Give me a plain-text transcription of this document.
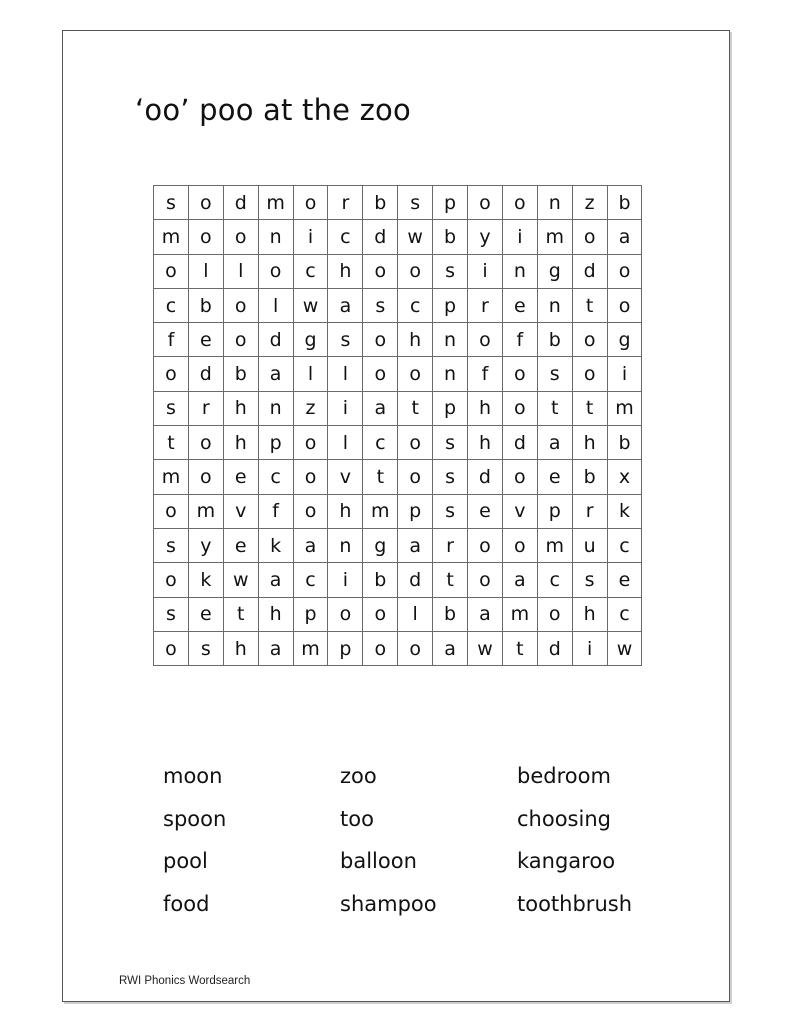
‘oo’ poo at the zoo
s	o	d	m	o	r	b	s	p	o	o	n	z	b
m	o	o	n	i	c	d	w	b	y	i	m	o	a
o	l	l	o	c	h	o	o	s	i	n	g	d	o
c	b	o	l	w	a	s	c	p	r	e	n	t	o
f	e	o	d	g	s	o	h	n	o	f	b	o	g
o	d	b	a	l	l	o	o	n	f	o	s	o	i
s	r	h	n	z	i	a	t	p	h	o	t	t	m
t	o	h	p	o	l	c	o	s	h	d	a	h	b
m	o	e	c	o	v	t	o	s	d	o	e	b	x
o	m	v	f	o	h	m	p	s	e	v	p	r	k
s	y	e	k	a	n	g	a	r	o	o	m	u	c
o	k	w	a	c	i	b	d	t	o	a	c	s	e
s	e	t	h	p	o	o	l	b	a	m	o	h	c
o	s	h	a	m	p	o	o	a	w	t	d	i	w
moon	zoo	bedroom
spoon	too	choosing
pool	balloon	kangaroo
food	shampoo	toothbrush
RWI Phonics Wordsearch
